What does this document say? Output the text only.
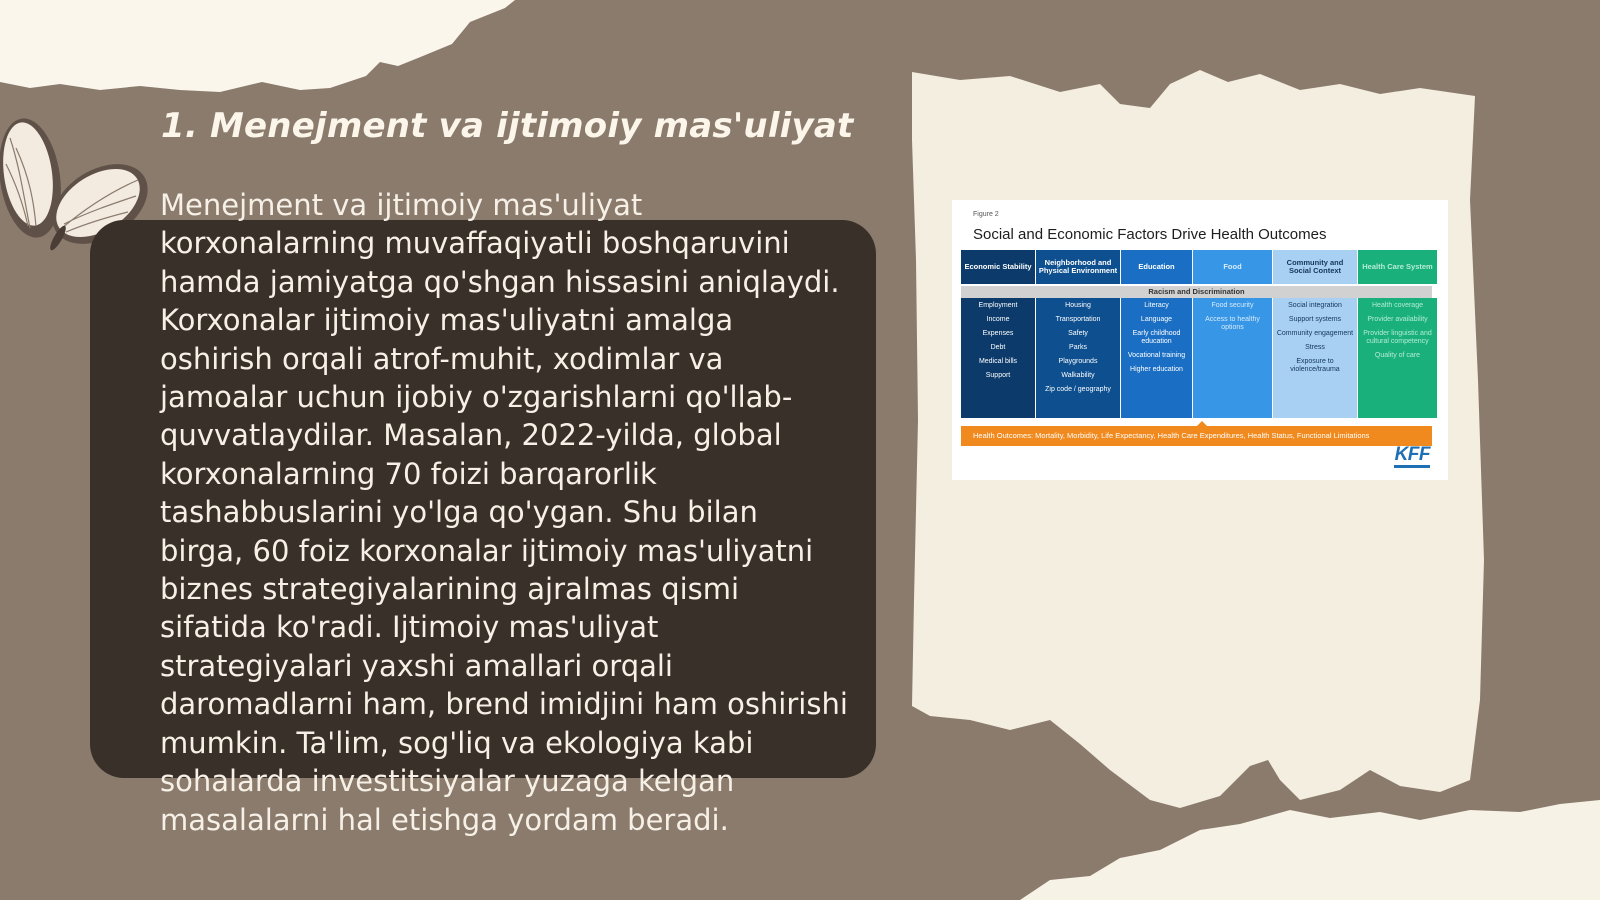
1. Menejment va ijtimoiy mas'uliyat

Menejment va ijtimoiy mas'uliyat korxonalarning muvaffaqiyatli boshqaruvini hamda jamiyatga qo'shgan hissasini aniqlaydi. Korxonalar ijtimoiy mas'uliyatni amalga oshirish orqali atrof-muhit, xodimlar va jamoalar uchun ijobiy o'zgarishlarni qo'llab-quvvatlaydilar. Masalan, 2022-yilda, global korxonalarning 70 foizi barqarorlik tashabbuslarini yo'lga qo'ygan. Shu bilan birga, 60 foiz korxonalar ijtimoiy mas'uliyatni biznes strategiyalarining ajralmas qismi sifatida ko'radi. Ijtimoiy mas'uliyat strategiyalari yaxshi amallari orqali daromadlarni ham, brend imidjini ham oshirishi mumkin. Ta'lim, sog'liq va ekologiya kabi sohalarda investitsiyalar yuzaga kelgan masalalarni hal etishga yordam beradi.

Figure 2
Social and Economic Factors Drive Health Outcomes
Racism and Discrimination
Economic Stability
Employment
Income
Expenses
Debt
Medical bills
Support
Neighborhood and Physical Environment
Housing
Transportation
Safety
Parks
Playgrounds
Walkability
Zip code / geography
Education
Literacy
Language
Early childhood education
Vocational training
Higher education
Food
Food security
Access to healthy options
Community and Social Context
Social integration
Support systems
Community engagement
Stress
Exposure to violence/trauma
Health Care System
Health coverage
Provider availability
Provider linguistic and cultural competency
Quality of care
Health Outcomes: Mortality, Morbidity, Life Expectancy, Health Care Expenditures, Health Status, Functional Limitations
KFF
